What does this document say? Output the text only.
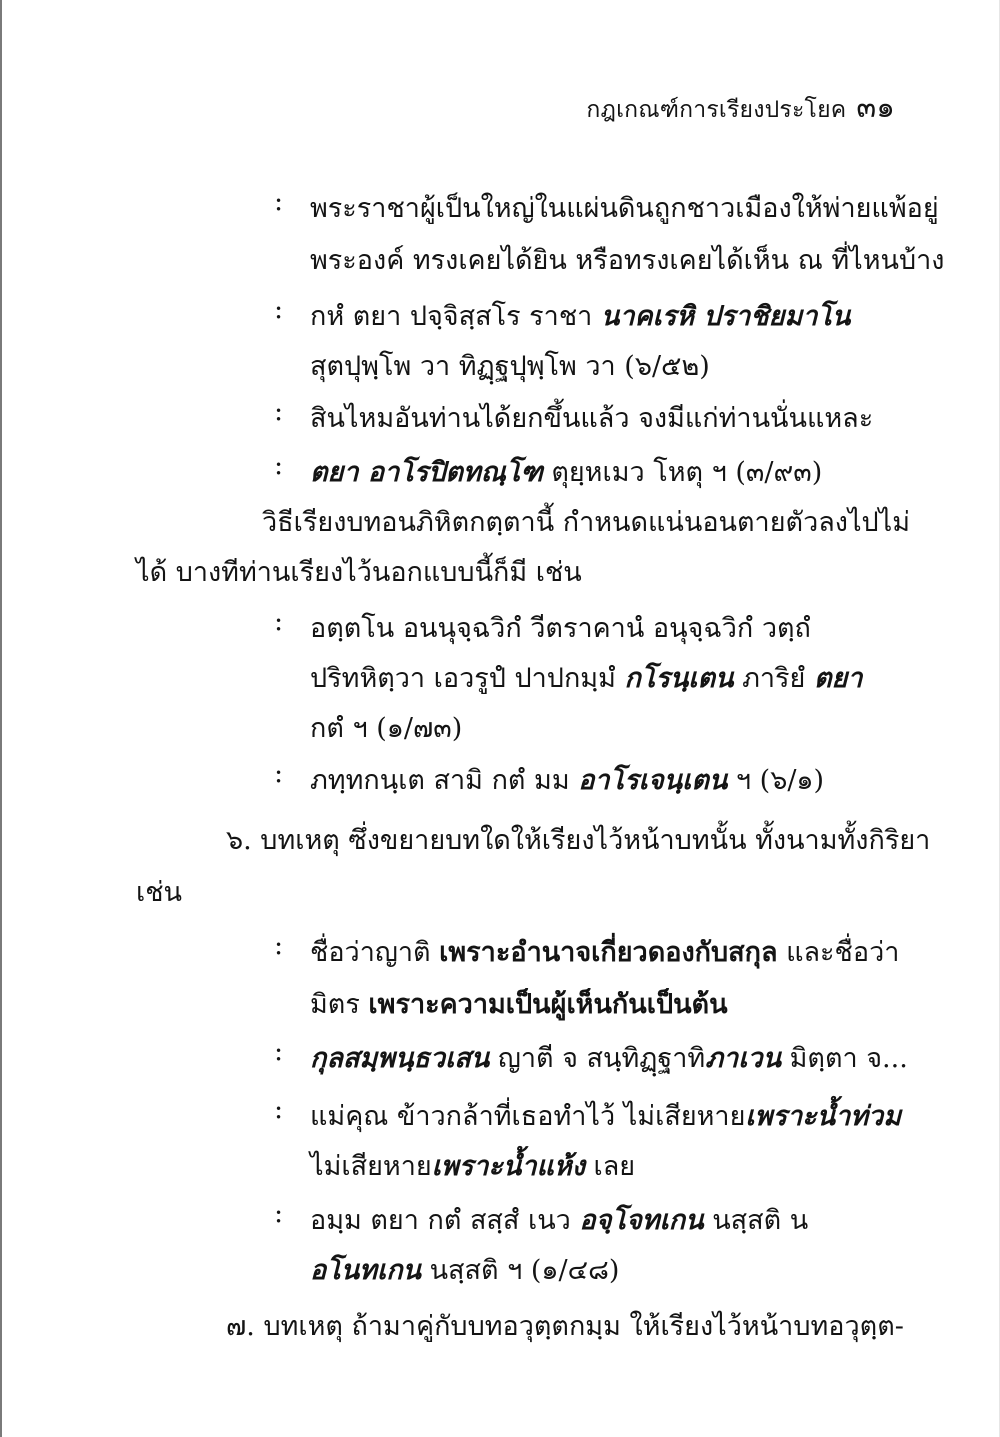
กฎเกณฑ์การเรียงประโยค ๓๑
: พระราชาผู้เป็นใหญ่ในแผ่นดินถูกชาวเมืองให้พ่ายแพ้อยู่
พระองค์ ทรงเคยได้ยิน หรือทรงเคยได้เห็น ณ ที่ไหนบ้าง
: กหํ ตยา ปจฺจิสฺสโร ราชา นาคเรหิ ปราชิยมาโน
สุตปุพฺโพ วา ทิฏฺฐปุพฺโพ วา (๖/๕๒)
: สินไหมอันท่านได้ยกขึ้นแล้ว จงมีแก่ท่านนั่นแหละ
: ตยา อาโรปิตทณฺโฑ ตุยฺหเมว โหตุ ฯ (๓/๙๓)
วิธีเรียงบทอนภิหิตกตฺตานี้ กำหนดแน่นอนตายตัวลงไปไม่
ได้ บางทีท่านเรียงไว้นอกแบบนี้ก็มี เช่น
: อตฺตโน อนนุจฺฉวิกํ วีตราคานํ อนุจฺฉวิกํ วตฺถํ
ปริทหิตฺวา เอวรูปํ ปาปกมฺมํ กโรนฺเตน ภาริยํ ตยา
กตํ ฯ (๑/๗๓)
: ภทฺทกนฺเต สามิ กตํ มม อาโรเจนฺเตน ฯ (๖/๑)
๖. บทเหตุ ซึ่งขยายบทใดให้เรียงไว้หน้าบทนั้น ทั้งนามทั้งกิริยา
เช่น
: ชื่อว่าญาติ เพราะอำนาจเกี่ยวดองกับสกุล และชื่อว่า
มิตร เพราะความเป็นผู้เห็นกันเป็นต้น
: กุลสมฺพนฺธวเสน ญาตี จ สนฺทิฏฺฐาทิภาเวน มิตฺตา จ...
: แม่คุณ ข้าวกล้าที่เธอทำไว้ ไม่เสียหายเพราะน้ำท่วม
ไม่เสียหายเพราะน้ำแห้ง เลย
: อมฺม ตยา กตํ สสฺสํ เนว อจฺโจทเกน นสฺสติ น
อโนทเกน นสฺสติ ฯ (๑/๔๘)
๗. บทเหตุ ถ้ามาคู่กับบทอวุตฺตกมฺม ให้เรียงไว้หน้าบทอวุตฺต-
